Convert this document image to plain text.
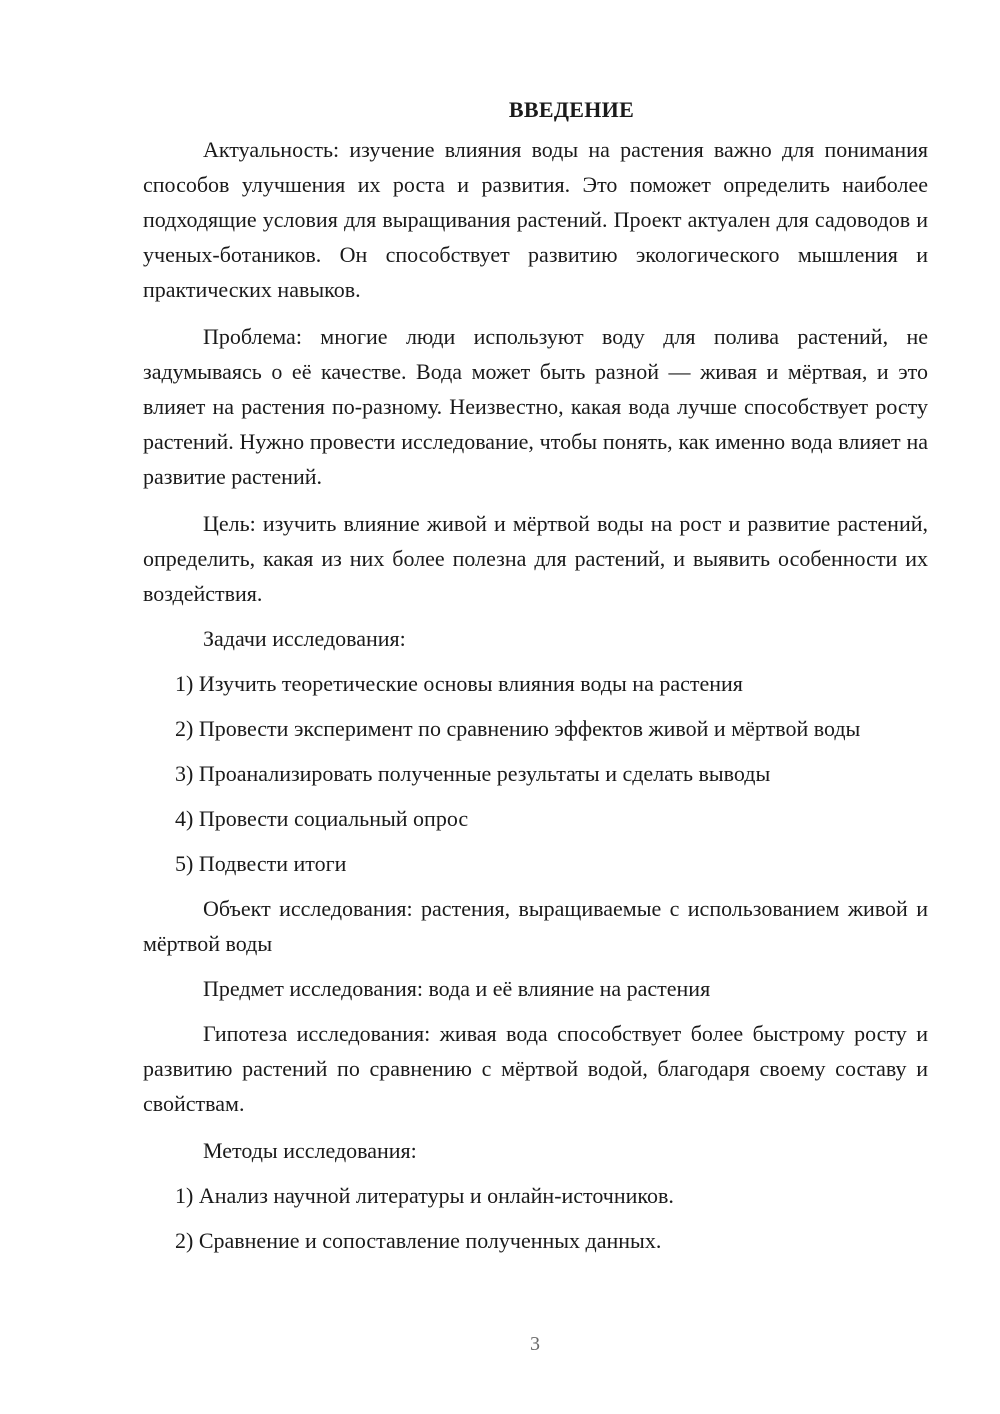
ВВЕДЕНИЕ

Актуальность: изучение влияния воды на растения важно для понимания способов улучшения их роста и развития. Это поможет определить наиболее подходящие условия для выращивания растений. Проект актуален для садоводов и ученых-ботаников. Он способствует развитию экологического мышления и практических навыков.

Проблема: многие люди используют воду для полива растений, не задумываясь о её качестве. Вода может быть разной — живая и мёртвая, и это влияет на растения по-разному. Неизвестно, какая вода лучше способствует росту растений. Нужно провести исследование, чтобы понять, как именно вода влияет на развитие растений.

Цель: изучить влияние живой и мёртвой воды на рост и развитие растений, определить, какая из них более полезна для растений, и выявить особенности их воздействия.

Задачи исследования:

1) Изучить теоретические основы влияния воды на растения

2) Провести эксперимент по сравнению эффектов живой и мёртвой воды

3) Проанализировать полученные результаты и сделать выводы

4) Провести социальный опрос

5) Подвести итоги

Объект исследования: растения, выращиваемые с использованием живой и мёртвой воды

Предмет исследования: вода и её влияние на растения

Гипотеза исследования: живая вода способствует более быстрому росту и развитию растений по сравнению с мёртвой водой, благодаря своему составу и свойствам.

Методы исследования:

1) Анализ научной литературы и онлайн-источников.

2) Сравнение и сопоставление полученных данных.

3
